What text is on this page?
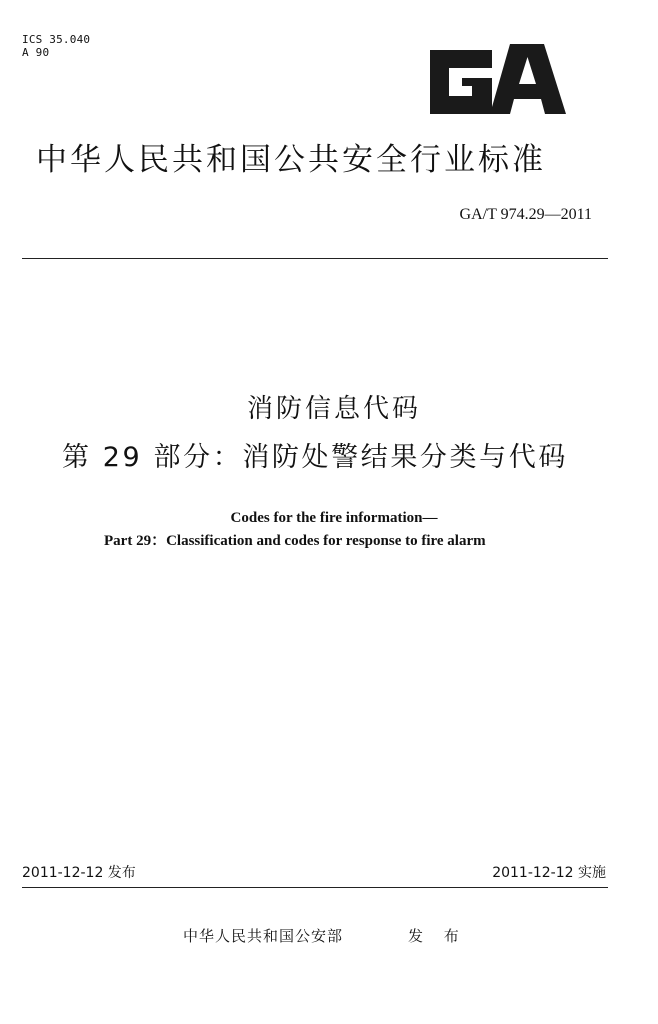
ICS 35.040
A 90
中华人民共和国公共安全行业标准
GA/T 974.29—2011
消防信息代码
第 29 部分：消防处警结果分类与代码
Codes for the fire information—
Part 29：Classification and codes for response to fire alarm
2011-12-12 发布	2011-12-12 实施
中华人民共和国公安部	发 布
